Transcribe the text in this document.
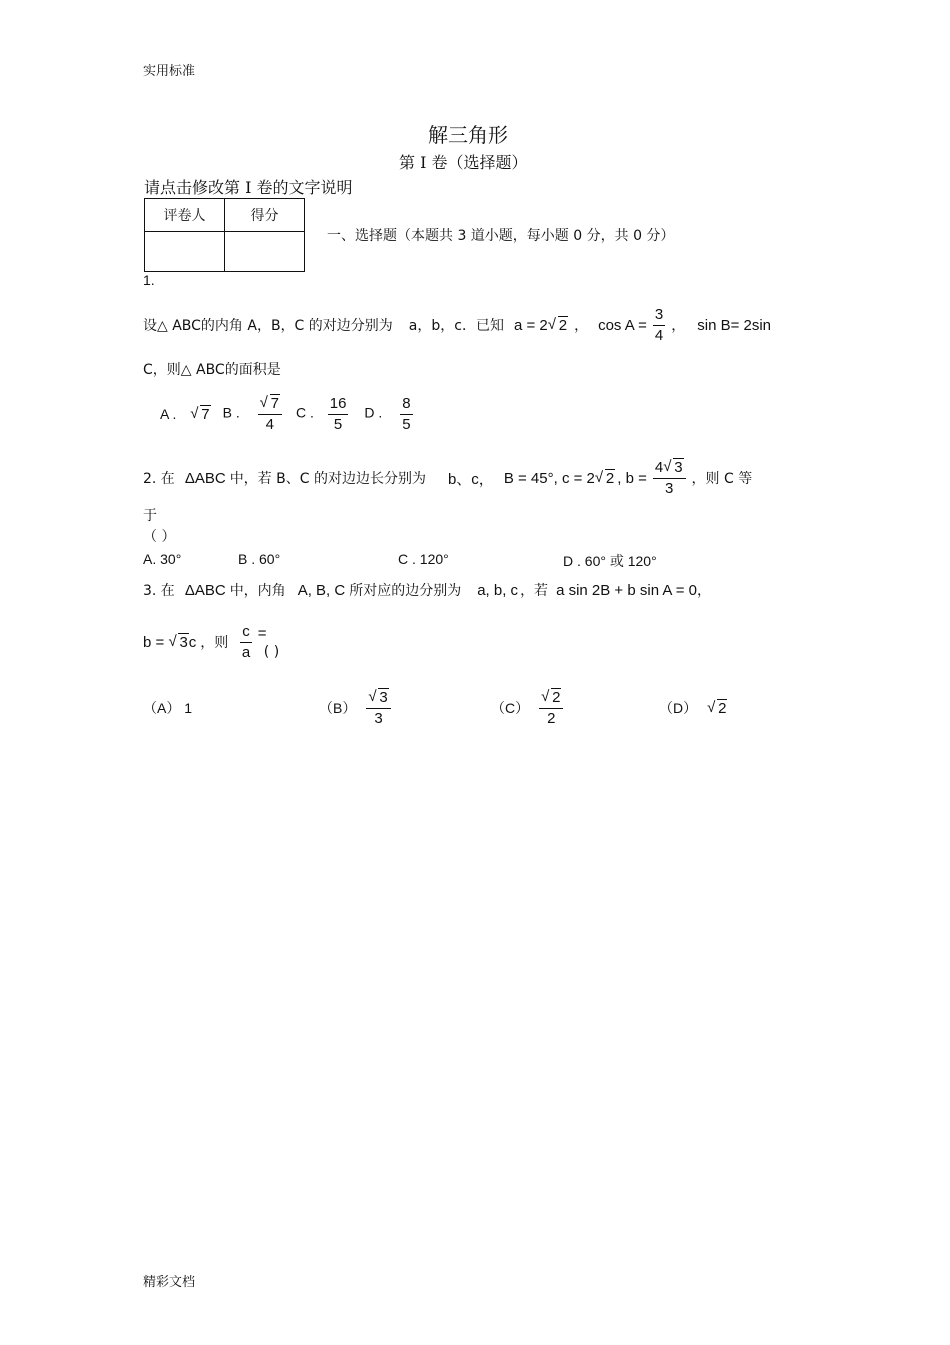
实用标准
精彩文档
解三角形
第 I 卷（选择题）
请点击修改第 I 卷的文字说明
评卷人	得分

一、选择题（本题共 3 道小题，每小题 0 分，共 0 分）
1.
设△ ABC的内角 A，B，C 的对边分别为 a，b，c．已知 a = 2 √ 2 ， $\cos A = \frac{3}{4}$ ， sin B= 2sin
C，则△ ABC的面积是
A . √ 7 B . √ $\frac{7}{4}$ C . $\frac{16}{5}$ D . $\frac{8}{5}$
2. 在 ΔABC 中，若 B、C 的对边边长分别为 b、c， B = 45° , c = 2 √ 2 , $b = \frac{4 √ 3}{3}$ ，则 C 等
于
（ ）
A. 30°	B . 60°	C . 120°	D . 60° 或 120°
3. 在 ΔABC 中，内角 A, B, C 所对应的边分别为 a, b, c ，若 a sin 2B + b sin A = 0 ，
b = √ 3c ，则 $\frac{c}{a}$ =
( )
（A） 1	（B） √ $\frac{3}{3}$	（C） √ $\frac{2}{2}$	（D）	√ 2
